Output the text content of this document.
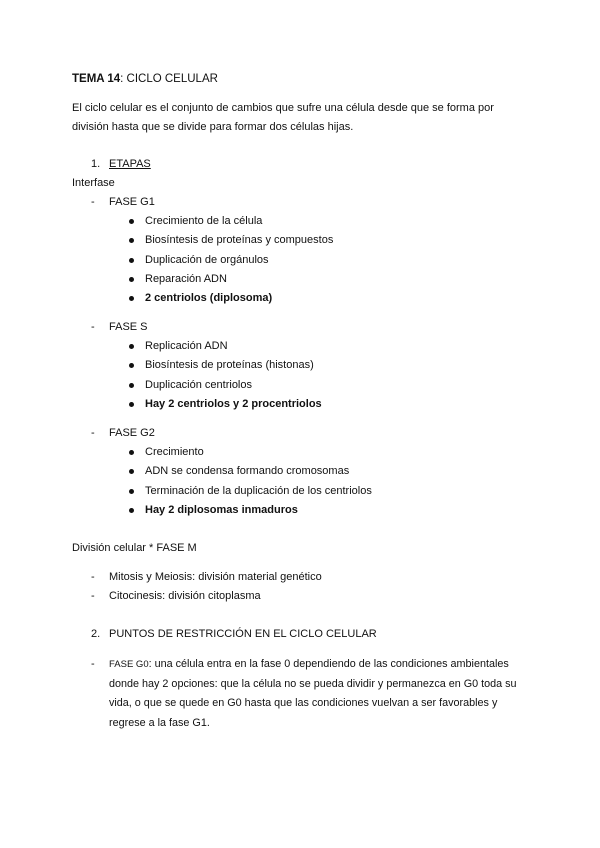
TEMA 14: CICLO CELULAR
El ciclo celular es el conjunto de cambios que sufre una célula desde que se forma por
división hasta que se divide para formar dos células hijas.
1. ETAPAS
Interfase
- FASE G1
Crecimiento de la célula
Biosíntesis de proteínas y compuestos
Duplicación de orgánulos
Reparación ADN
2 centriolos (diplosoma)
- FASE S
Replicación ADN
Biosíntesis de proteínas (histonas)
Duplicación centriolos
Hay 2 centriolos y 2 procentriolos
- FASE G2
Crecimiento
ADN se condensa formando cromosomas
Terminación de la duplicación de los centriolos
Hay 2 diplosomas inmaduros
División celular * FASE M
- Mitosis y Meiosis: división material genético
- Citocinesis: división citoplasma
2. PUNTOS DE RESTRICCIÓN EN EL CICLO CELULAR
- FASE G0: una célula entra en la fase 0 dependiendo de las condiciones ambientales
donde hay 2 opciones: que la célula no se pueda dividir y permanezca en G0 toda su
vida, o que se quede en G0 hasta que las condiciones vuelvan a ser favorables y
regrese a la fase G1.
